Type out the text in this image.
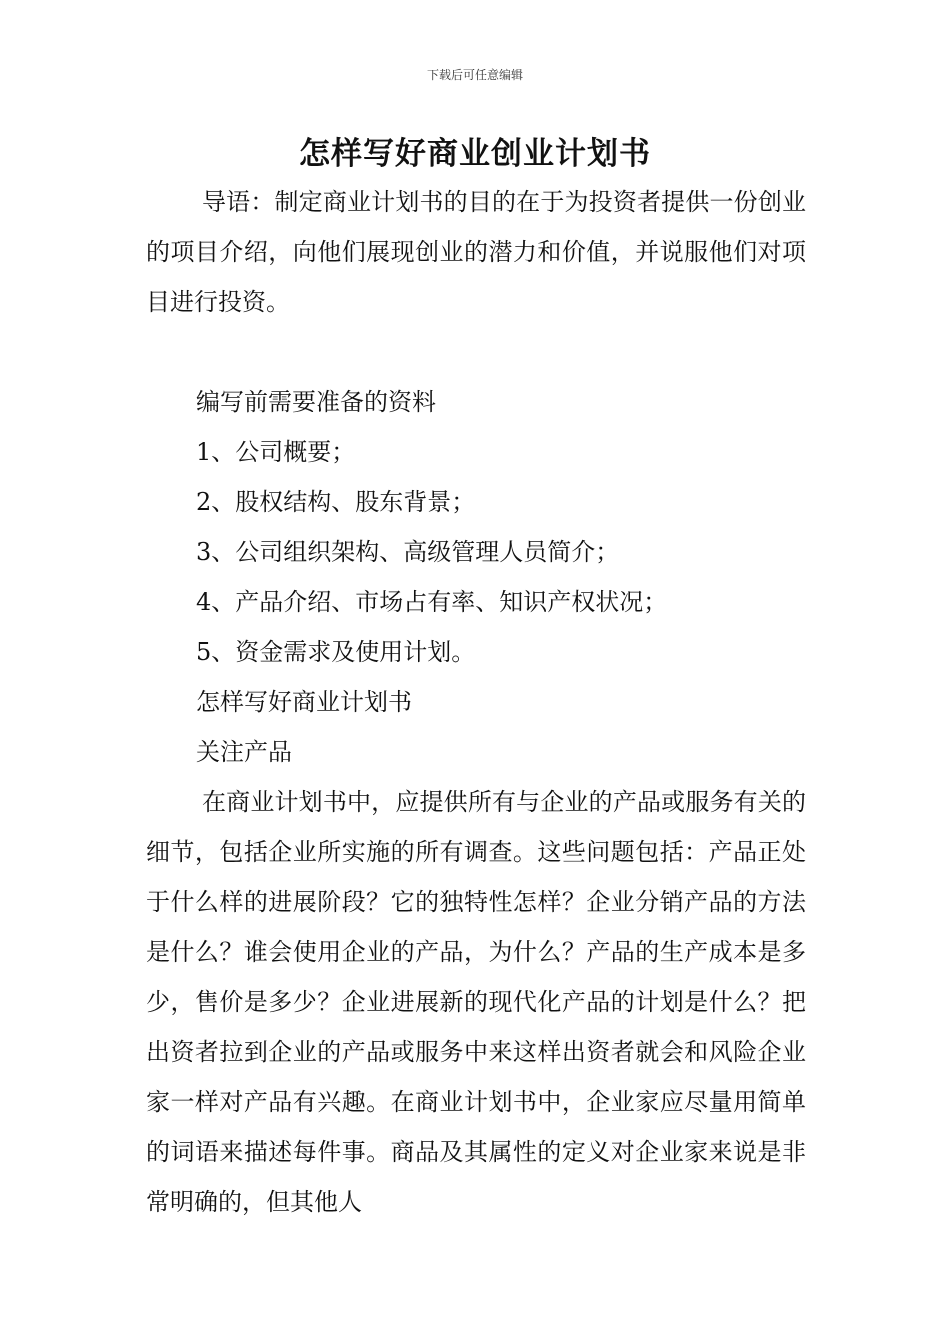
下载后可任意编辑
怎样写好商业创业计划书

导语：制定商业计划书的目的在于为投资者提供一份创业的项目介绍，向他们展现创业的潜力和价值，并说服他们对项目进行投资。

编写前需要准备的资料

1、公司概要；

2、股权结构、股东背景；

3、公司组织架构、高级管理人员简介；

4、产品介绍、市场占有率、知识产权状况；

5、资金需求及使用计划。

怎样写好商业计划书

关注产品

在商业计划书中，应提供所有与企业的产品或服务有关的细节，包括企业所实施的所有调查。这些问题包括：产品正处于什么样的进展阶段？它的独特性怎样？企业分销产品的方法是什么？谁会使用企业的产品，为什么？产品的生产成本是多少，售价是多少？企业进展新的现代化产品的计划是什么？把出资者拉到企业的产品或服务中来这样出资者就会和风险企业家一样对产品有兴趣。在商业计划书中，企业家应尽量用简单的词语来描述每件事。商品及其属性的定义对企业家来说是非常明确的，但其他人
